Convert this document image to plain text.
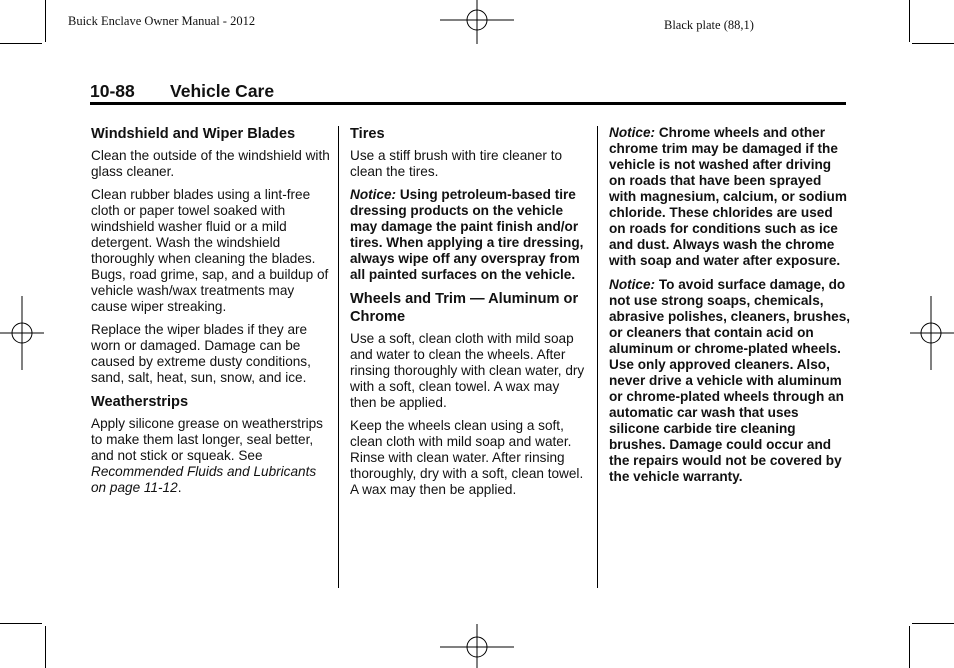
Buick Enclave Owner Manual - 2012	Black plate (88,1)
10-88 Vehicle Care
Windshield and Wiper Blades

Clean the outside of the windshield with glass cleaner.

Clean rubber blades using a lint-free cloth or paper towel soaked with windshield washer fluid or a mild detergent. Wash the windshield thoroughly when cleaning the blades. Bugs, road grime, sap, and a buildup of vehicle wash/wax treatments may cause wiper streaking.

Replace the wiper blades if they are worn or damaged. Damage can be caused by extreme dusty conditions, sand, salt, heat, sun, snow, and ice.

Weatherstrips

Apply silicone grease on weatherstrips to make them last longer, seal better, and not stick or squeak. See Recommended Fluids and Lubricants on page 11-12.

Tires

Use a stiff brush with tire cleaner to clean the tires.

Notice: Using petroleum-based tire dressing products on the vehicle may damage the paint finish and/or tires. When applying a tire dressing, always wipe off any overspray from all painted surfaces on the vehicle.

Wheels and Trim — Aluminum or Chrome

Use a soft, clean cloth with mild soap and water to clean the wheels. After rinsing thoroughly with clean water, dry with a soft, clean towel. A wax may then be applied.

Keep the wheels clean using a soft, clean cloth with mild soap and water. Rinse with clean water. After rinsing thoroughly, dry with a soft, clean towel. A wax may then be applied.

Notice: Chrome wheels and other chrome trim may be damaged if the vehicle is not washed after driving on roads that have been sprayed with magnesium, calcium, or sodium chloride. These chlorides are used on roads for conditions such as ice and dust. Always wash the chrome with soap and water after exposure.

Notice: To avoid surface damage, do not use strong soaps, chemicals, abrasive polishes, cleaners, brushes, or cleaners that contain acid on aluminum or chrome-plated wheels. Use only approved cleaners. Also, never drive a vehicle with aluminum or chrome-plated wheels through an automatic car wash that uses silicone carbide tire cleaning brushes. Damage could occur and the repairs would not be covered by the vehicle warranty.
